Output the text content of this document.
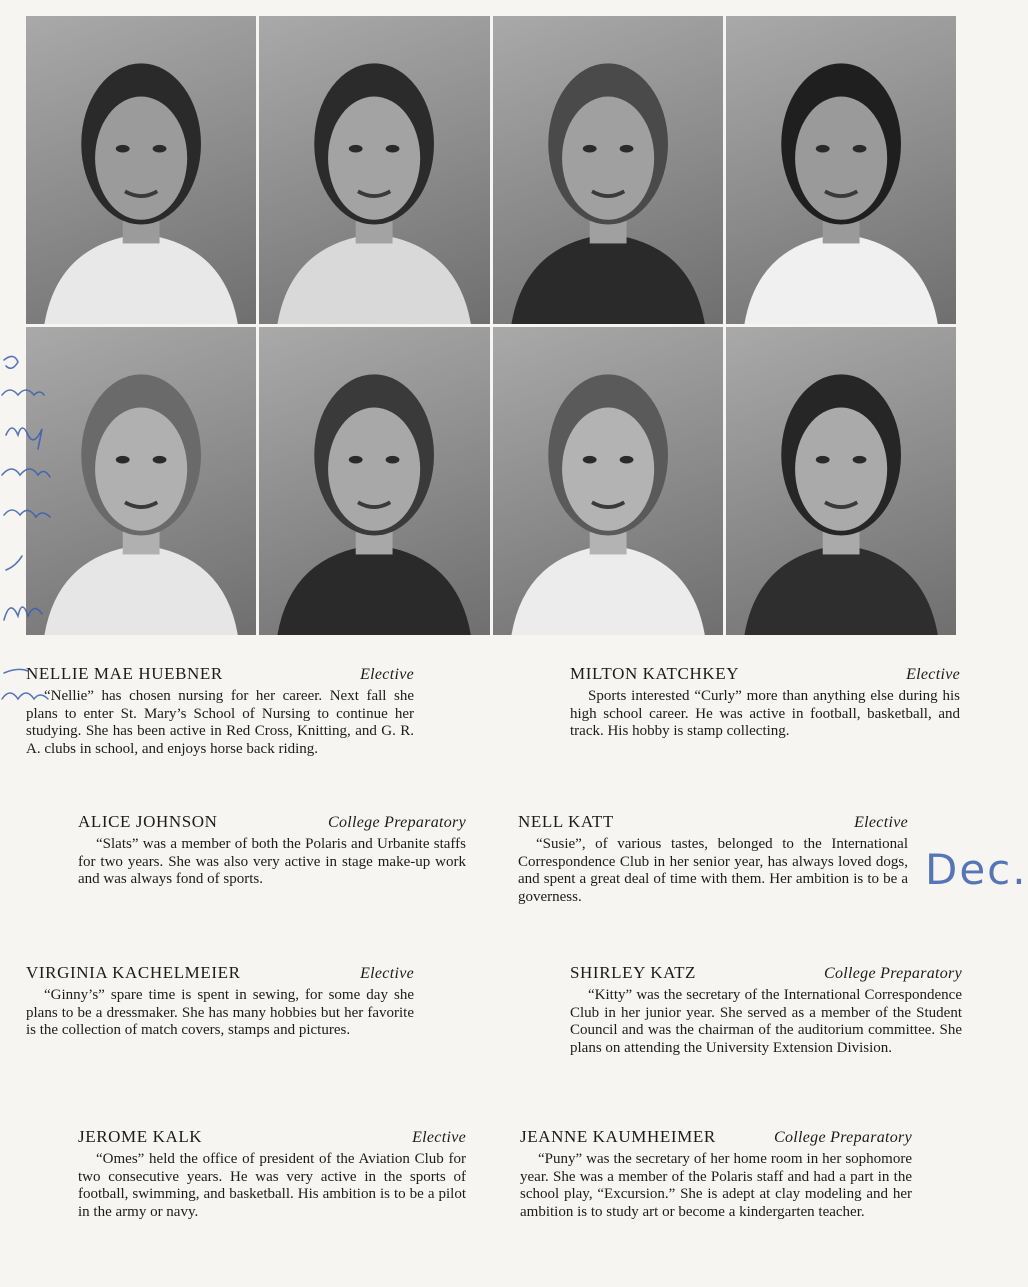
Dec.
NELLIE MAE HUEBNER	Elective

“Nellie” has chosen nursing for her career. Next fall she plans to enter St. Mary’s School of Nursing to continue her studying. She has been active in Red Cross, Knitting, and G. R. A. clubs in school, and enjoys horse back riding.

MILTON KATCHKEY	Elective

Sports interested “Curly” more than anything else during his high school career. He was active in football, basketball, and track. His hobby is stamp collecting.

ALICE JOHNSON	College Preparatory

“Slats” was a member of both the Polaris and Urbanite staffs for two years. She was also very active in stage make-up work and was always fond of sports.

NELL KATT	Elective

“Susie”, of various tastes, belonged to the International Correspondence Club in her senior year, has always loved dogs, and spent a great deal of time with them. Her ambition is to be a governess.

VIRGINIA KACHELMEIER	Elective

“Ginny’s” spare time is spent in sewing, for some day she plans to be a dressmaker. She has many hobbies but her favorite is the collection of match covers, stamps and pictures.

SHIRLEY KATZ	College Preparatory

“Kitty” was the secretary of the International Correspondence Club in her junior year. She served as a member of the Student Council and was the chairman of the auditorium committee. She plans on attending the University Extension Division.

JEROME KALK	Elective

“Omes” held the office of president of the Aviation Club for two consecutive years. He was very active in the sports of football, swimming, and basketball. His ambition is to be a pilot in the army or navy.

JEANNE KAUMHEIMER	College Preparatory

“Puny” was the secretary of her home room in her sophomore year. She was a member of the Polaris staff and had a part in the school play, “Excursion.” She is adept at clay modeling and her ambition is to study art or become a kindergarten teacher.
